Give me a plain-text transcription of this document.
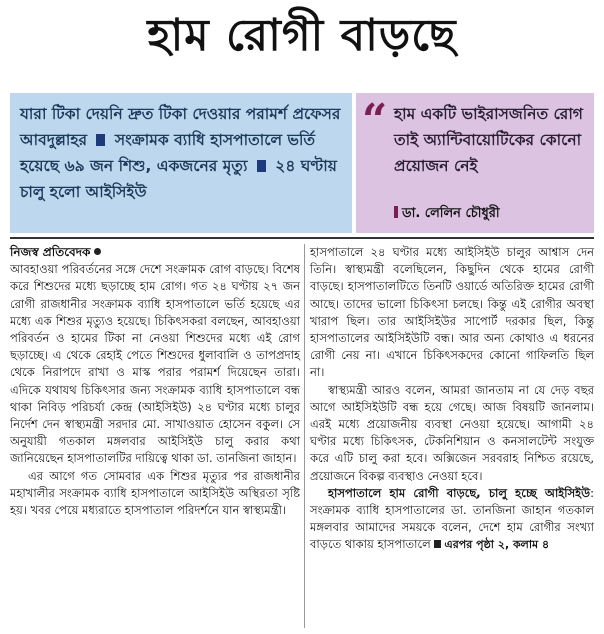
হাম রোগী বাড়ছে

যারা টিকা দেয়নি দ্রুত টিকা দেওয়ার পরামর্শ প্রফেসর আবদুল্লাহর সংক্রামক ব্যাধি হাসপাতালে ভর্তি হয়েছে ৬৯ জন শিশু, একজনের মৃত্যু ২৪ ঘণ্টায় চালু হলো আইসিইউ

“ হাম একটি ভাইরাসজনিত রোগ তাই অ্যান্টিবায়োটিকের কোনো প্রয়োজন নেই

ডা. লেলিন চৌধুরী

নিজস্ব প্রতিবেদক

আবহাওয়া পরিবর্তনের সঙ্গে দেশে সংক্রামক রোগ বাড়ছে। বিশেষ করে শিশুদের মধ্যে ছড়াচ্ছে হাম রোগ। গত ২৪ ঘণ্টায় ২৭ জন রোগী রাজধানীর সংক্রামক ব্যাধি হাসপাতালে ভর্তি হয়েছে এর মধ্যে এক শিশুর মৃত্যুও হয়েছে। চিকিৎসকরা বলছেন, আবহাওয়া পরিবর্তন ও হামের টিকা না নেওয়া শিশুদের মধ্যে এই রোগ ছড়াচ্ছে। এ থেকে রেহাই পেতে শিশুদের ধুলাবালি ও তাপপ্রদাহ থেকে নিরাপদে রাখা ও মাস্ক পরার পরামর্শ দিয়েছেন তারা। এদিকে যথাযথ চিকিৎসার জন্য সংক্রামক ব্যাধি হাসপাতালে বন্ধ থাকা নিবিড় পরিচর্যা কেন্দ্র (আইসিইউ) ২৪ ঘণ্টার মধ্যে চালুর নির্দেশ দেন স্বাস্থ্যমন্ত্রী সরদার মো. সাখাওয়াত হোসেন বকুল। সে অনুযায়ী গতকাল মঙ্গলবার আইসিইউ চালু করার কথা জানিয়েছেন হাসপাতালটির দায়িত্বে থাকা ডা. তানজিনা জাহান।

এর আগে গত সোমবার এক শিশুর মৃত্যুর পর রাজধানীর মহাখালীর সংক্রামক ব্যাধি হাসপাতালে আইসিইউ অস্থিরতা সৃষ্টি হয়। খবর পেয়ে মধ্যরাতে হাসপাতাল পরিদর্শনে যান স্বাস্থ্যমন্ত্রী।

হাসপাতালে ২৪ ঘণ্টার মধ্যে আইসিইউ চালুর আশ্বাস দেন তিনি। স্বাস্থ্যমন্ত্রী বলেছিলেন, কিছুদিন থেকে হামের রোগী বাড়ছে। হাসপাতালটিতে তিনটি ওয়ার্ডে অতিরিক্ত হামের রোগী আছে। তাদের ভালো চিকিৎসা চলছে। কিন্তু এই রোগীর অবস্থা খারাপ ছিল। তার আইসিইউর সাপোর্ট দরকার ছিল, কিন্তু হাসপাতালের আইসিইউটি বন্ধ। আর অন্য কোথাও এ ধরনের রোগী নেয় না। এখানে চিকিৎসকদের কোনো গাফিলতি ছিল না।

স্বাস্থ্যমন্ত্রী আরও বলেন, আমরা জানতাম না যে দেড় বছর আগে আইসিইউটি বন্ধ হয়ে গেছে। আজ বিষয়টি জানলাম। এরই মধ্যে প্রয়োজনীয় ব্যবস্থা নেওয়া হয়েছে। আগামী ২৪ ঘণ্টার মধ্যে চিকিৎসক, টেকনিশিয়ান ও কনসালটেন্ট সংযুক্ত করে এটি চালু করা হবে। অক্সিজেন সরবরাহ নিশ্চিত রয়েছে, প্রয়োজনে বিকল্প ব্যবস্থাও নেওয়া হবে।

হাসপাতালে হাম রোগী বাড়ছে, চালু হচ্ছে আইসিইউ: সংক্রামক ব্যাধি হাসপাতালের ডা. তানজিনা জাহান গতকাল মঙ্গলবার আমাদের সময়কে বলেন, দেশে হাম রোগীর সংখ্যা বাড়তে থাকায় হাসপাতালে এরপর পৃষ্ঠা ২, কলাম ৪
